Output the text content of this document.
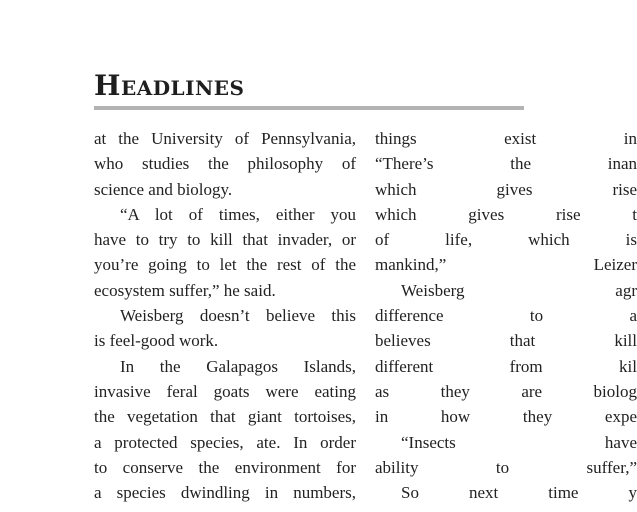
Headlines
at the University of Pennsylvania,
who studies the philosophy of
science and biology.
“A lot of times, either you
have to try to kill that invader, or
you’re going to let the rest of the
ecosystem suffer,” he said.
Weisberg doesn’t believe this
is feel-good work.
In the Galapagos Islands,
invasive feral goats were eating
the vegetation that giant tortoises,
a protected species, ate. In order
to conserve the environment for
a species dwindling in numbers,
things exist in
“There’s the inan
which gives rise
which gives rise t
of life, which is
mankind,” Leizer
Weisberg agr
difference to a
believes that kill
different from kil
as they are biolog
in how they expe
“Insects have
ability to suffer,”
So next time y
